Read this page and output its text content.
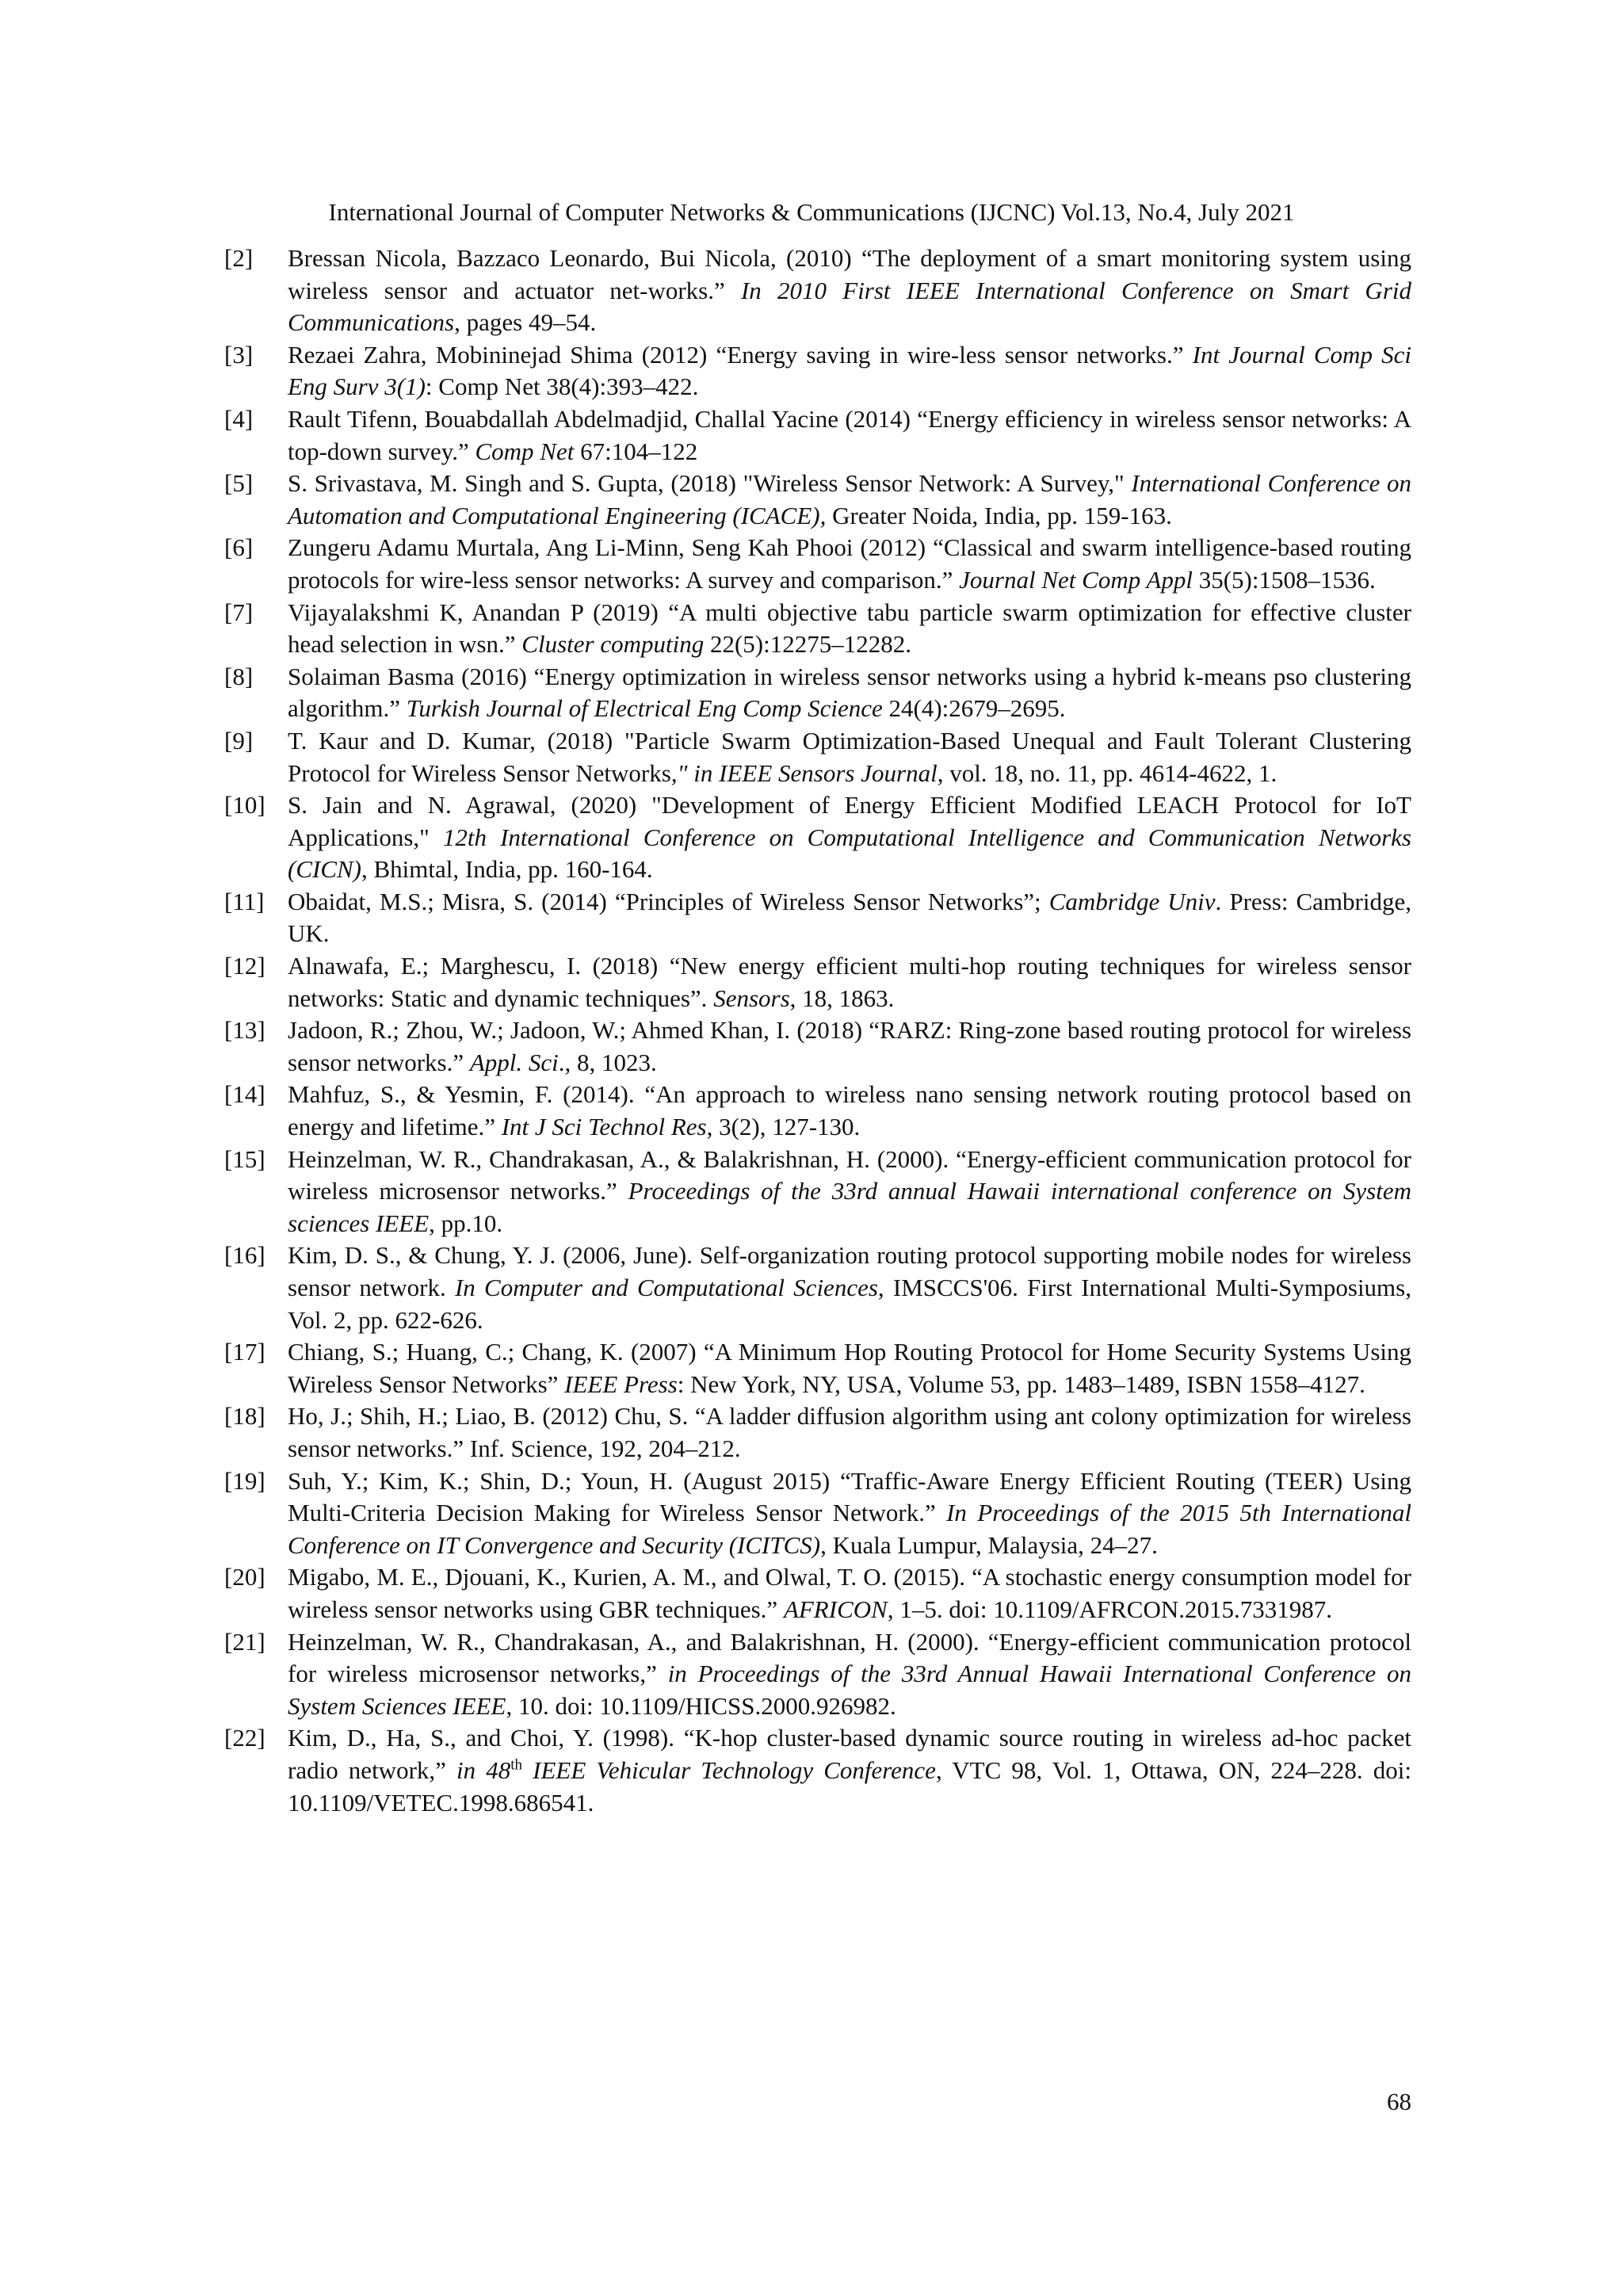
International Journal of Computer Networks & Communications (IJCNC) Vol.13, No.4, July 2021
[2]	Bressan Nicola, Bazzaco Leonardo, Bui Nicola, (2010) “The deployment of a smart monitoring system using wireless sensor and actuator net-works.” In 2010 First IEEE International Conference on Smart Grid Communications, pages 49–54.
[3]	Rezaei Zahra, Mobininejad Shima (2012) “Energy saving in wire-less sensor networks.” Int Journal Comp Sci Eng Surv 3(1): Comp Net 38(4):393–422.
[4]	Rault Tifenn, Bouabdallah Abdelmadjid, Challal Yacine (2014) “Energy efficiency in wireless sensor networks: A top-down survey.” Comp Net 67:104–122
[5]	S. Srivastava, M. Singh and S. Gupta, (2018) "Wireless Sensor Network: A Survey," International Conference on Automation and Computational Engineering (ICACE), Greater Noida, India, pp. 159-163.
[6]	Zungeru Adamu Murtala, Ang Li-Minn, Seng Kah Phooi (2012) “Classical and swarm intelligence-based routing protocols for wire-less sensor networks: A survey and comparison.” Journal Net Comp Appl 35(5):1508–1536.
[7]	Vijayalakshmi K, Anandan P (2019) “A multi objective tabu particle swarm optimization for effective cluster head selection in wsn.” Cluster computing 22(5):12275–12282.
[8]	Solaiman Basma (2016) “Energy optimization in wireless sensor networks using a hybrid k-means pso clustering algorithm.” Turkish Journal of Electrical Eng Comp Science 24(4):2679–2695.
[9]	T. Kaur and D. Kumar, (2018) "Particle Swarm Optimization-Based Unequal and Fault Tolerant Clustering Protocol for Wireless Sensor Networks," in IEEE Sensors Journal, vol. 18, no. 11, pp. 4614-4622, 1.
[10] S. Jain and N. Agrawal, (2020) "Development of Energy Efficient Modified LEACH Protocol for IoT Applications," 12th International Conference on Computational Intelligence and Communication Networks (CICN), Bhimtal, India, pp. 160-164.
[11] Obaidat, M.S.; Misra, S. (2014) “Principles of Wireless Sensor Networks”; Cambridge Univ. Press: Cambridge, UK.
[12] Alnawafa, E.; Marghescu, I. (2018) “New energy efficient multi-hop routing techniques for wireless sensor networks: Static and dynamic techniques”. Sensors, 18, 1863.
[13] Jadoon, R.; Zhou, W.; Jadoon, W.; Ahmed Khan, I. (2018) “RARZ: Ring-zone based routing protocol for wireless sensor networks.” Appl. Sci., 8, 1023.
[14] Mahfuz, S., & Yesmin, F. (2014). “An approach to wireless nano sensing network routing protocol based on energy and lifetime.” Int J Sci Technol Res, 3(2), 127-130.
[15] Heinzelman, W. R., Chandrakasan, A., & Balakrishnan, H. (2000). “Energy-efficient communication protocol for wireless microsensor networks.” Proceedings of the 33rd annual Hawaii international conference on System sciences IEEE, pp.10.
[16] Kim, D. S., & Chung, Y. J. (2006, June). Self-organization routing protocol supporting mobile nodes for wireless sensor network. In Computer and Computational Sciences, IMSCCS'06. First International Multi-Symposiums, Vol. 2, pp. 622-626.
[17] Chiang, S.; Huang, C.; Chang, K. (2007) “A Minimum Hop Routing Protocol for Home Security Systems Using Wireless Sensor Networks” IEEE Press: New York, NY, USA, Volume 53, pp. 1483–1489, ISBN 1558–4127.
[18] Ho, J.; Shih, H.; Liao, B. (2012) Chu, S. “A ladder diffusion algorithm using ant colony optimization for wireless sensor networks.” Inf. Science, 192, 204–212.
[19] Suh, Y.; Kim, K.; Shin, D.; Youn, H. (August 2015) “Traffic-Aware Energy Efficient Routing (TEER) Using Multi-Criteria Decision Making for Wireless Sensor Network.” In Proceedings of the 2015 5th International Conference on IT Convergence and Security (ICITCS), Kuala Lumpur, Malaysia, 24–27.
[20] Migabo, M. E., Djouani, K., Kurien, A. M., and Olwal, T. O. (2015). “A stochastic energy consumption model for wireless sensor networks using GBR techniques.” AFRICON, 1–5. doi: 10.1109/AFRCON.2015.7331987.
[21] Heinzelman, W. R., Chandrakasan, A., and Balakrishnan, H. (2000). “Energy-efficient communication protocol for wireless microsensor networks,” in Proceedings of the 33rd Annual Hawaii International Conference on System Sciences IEEE, 10. doi: 10.1109/HICSS.2000.926982.
[22] Kim, D., Ha, S., and Choi, Y. (1998). “K-hop cluster-based dynamic source routing in wireless ad-hoc packet radio network,” in 48th IEEE Vehicular Technology Conference, VTC 98, Vol. 1, Ottawa, ON, 224–228. doi: 10.1109/VETEC.1998.686541.
68
